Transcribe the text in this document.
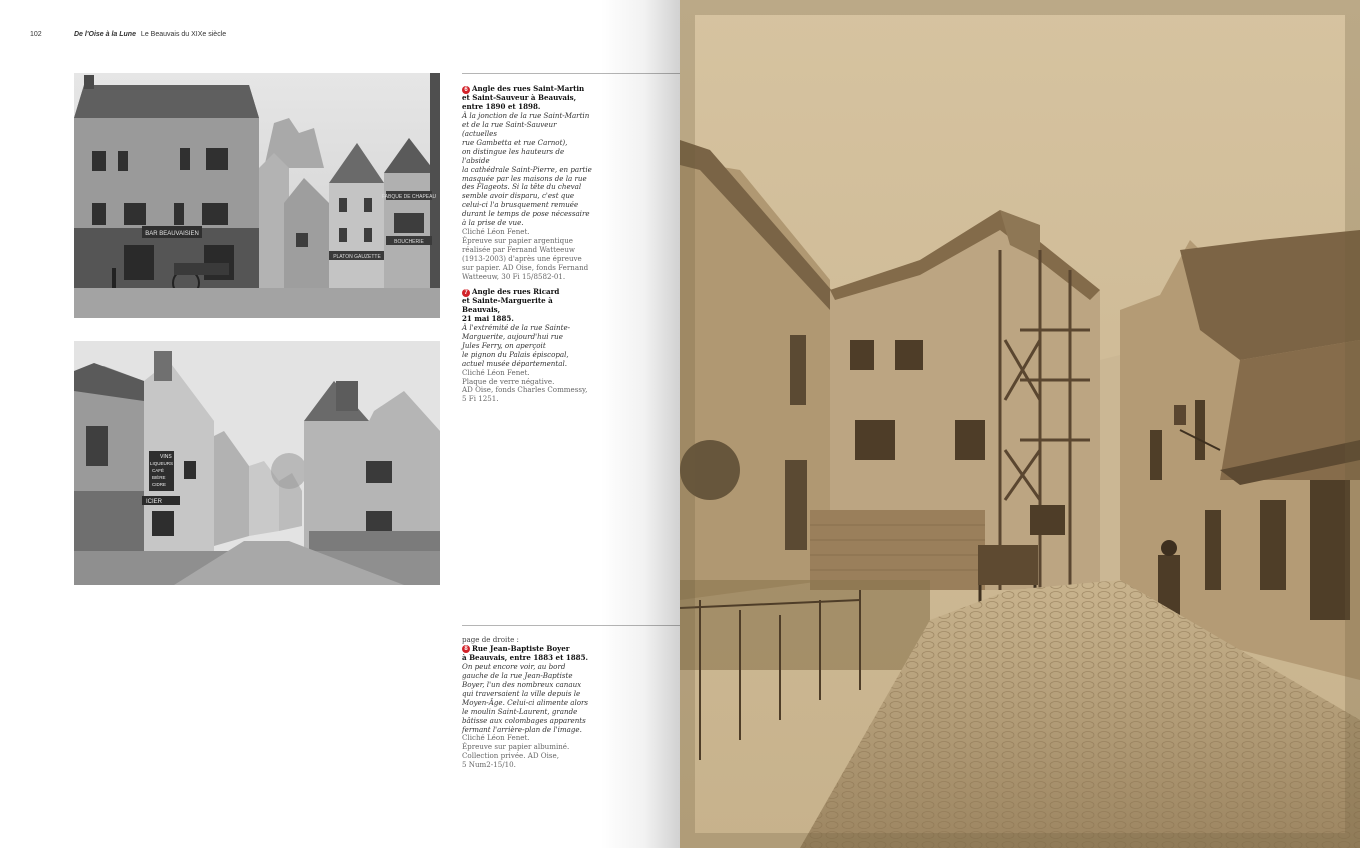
102	De l'Oise à la Lune Le Beauvais du XIXe siècle
BAR BEAUVAISIEN
FABQUE DE CHAPEAU
BOUCHERIE
PLATON GAUZETTE
VINS
LIQUEURS
CAFÉ
BIÈRE
CIDRE
ICIER

6 Angle des rues Saint-Martin
et Saint-Sauveur à Beauvais,
entre 1890 et 1898.

À la jonction de la rue Saint-Martin
et de la rue Saint-Sauveur (actuelles
rue Gambetta et rue Carnot),
on distingue les hauteurs de l'abside
la cathédrale Saint-Pierre, en partie
masquée par les maisons de la rue
des Flageots. Si la tête du cheval
semble avoir disparu, c'est que
celui-ci l'a brusquement remuée
durant le temps de pose nécessaire
à la prise de vue.

Cliché Léon Fenet.
Épreuve sur papier argentique
réalisée par Fernand Watteeuw
(1913-2003) d'après une épreuve
sur papier. AD Oise, fonds Fernand
Watteeuw, 30 Fi 15/8582-01.

7 Angle des rues Ricard
et Sainte-Marguerite à Beauvais,
21 mai 1885.

À l'extrémité de la rue Sainte-
Marguerite, aujourd'hui rue
Jules Ferry, on aperçoit
le pignon du Palais épiscopal,
actuel musée départemental.

Cliché Léon Fenet.
Plaque de verre négative.
AD Oise, fonds Charles Commessy,
5 Fi 1251.

page de droite :

8 Rue Jean-Baptiste Boyer
à Beauvais, entre 1883 et 1885.

On peut encore voir, au bord
gauche de la rue Jean-Baptiste
Boyer, l'un des nombreux canaux
qui traversaient la ville depuis le
Moyen-Âge. Celui-ci alimente alors
le moulin Saint-Laurent, grande
bâtisse aux colombages apparents
fermant l'arrière-plan de l'image.

Cliché Léon Fenet.
Épreuve sur papier albuminé.
Collection privée. AD Oise,
5 Num2-15/10.
